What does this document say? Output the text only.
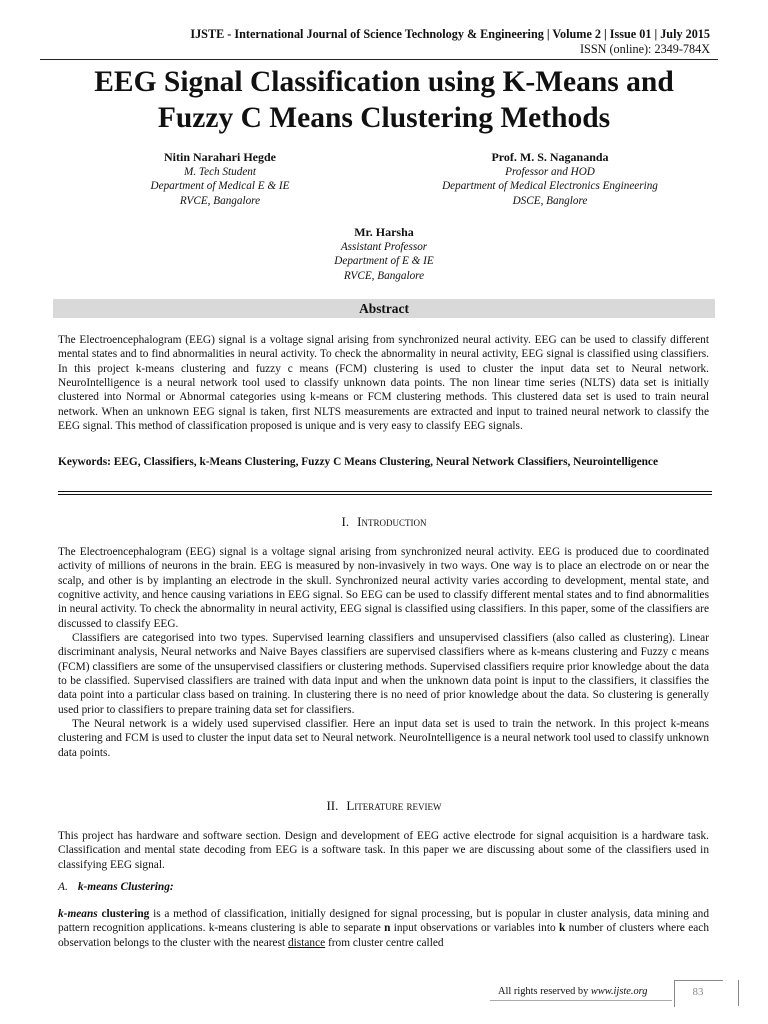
IJSTE - International Journal of Science Technology & Engineering | Volume 2 | Issue 01 | July 2015
ISSN (online): 2349-784X
EEG Signal Classification using K-Means and
Fuzzy C Means Clustering Methods
Nitin Narahari Hegde
M. Tech Student
Department of Medical E & IE
RVCE, Bangalore
Prof. M. S. Nagananda
Professor and HOD
Department of Medical Electronics Engineering
DSCE, Banglore
Mr. Harsha
Assistant Professor
Department of E & IE
RVCE, Bangalore
Abstract

The Electroencephalogram (EEG) signal is a voltage signal arising from synchronized neural activity. EEG can be used to classify different mental states and to find abnormalities in neural activity. To check the abnormality in neural activity, EEG signal is classified using classifiers. In this project k-means clustering and fuzzy c means (FCM) clustering is used to cluster the input data set to Neural network. NeuroIntelligence is a neural network tool used to classify unknown data points. The non linear time series (NLTS) data set is initially clustered into Normal or Abnormal categories using k-means or FCM clustering methods. This clustered data set is used to train neural network. When an unknown EEG signal is taken, first NLTS measurements are extracted and input to trained neural network to classify the EEG signal. This method of classification proposed is unique and is very easy to classify EEG signals.

Keywords: EEG, Classifiers, k-Means Clustering, Fuzzy C Means Clustering, Neural Network Classifiers, Neurointelligence
I. Introduction

The Electroencephalogram (EEG) signal is a voltage signal arising from synchronized neural activity. EEG is produced due to coordinated activity of millions of neurons in the brain. EEG is measured by non-invasively in two ways. One way is to place an electrode on or near the scalp, and other is by implanting an electrode in the skull. Synchronized neural activity varies according to development, mental state, and cognitive activity, and hence causing variations in EEG signal. So EEG can be used to classify different mental states and to find abnormalities in neural activity. To check the abnormality in neural activity, EEG signal is classified using classifiers. In this paper, some of the classifiers are discussed to classify EEG.

Classifiers are categorised into two types. Supervised learning classifiers and unsupervised classifiers (also called as clustering). Linear discriminant analysis, Neural networks and Naive Bayes classifiers are supervised classifiers where as k-means clustering and Fuzzy c means (FCM) classifiers are some of the unsupervised classifiers or clustering methods. Supervised classifiers require prior knowledge about the data to be classified. Supervised classifiers are trained with data input and when the unknown data point is input to the classifiers, it classifies the data point into a particular class based on training. In clustering there is no need of prior knowledge about the data. So clustering is generally used prior to classifiers to prepare training data set for classifiers.

The Neural network is a widely used supervised classifier. Here an input data set is used to train the network. In this project k-means clustering and FCM is used to cluster the input data set to Neural network. NeuroIntelligence is a neural network tool used to classify unknown data points.

II. Literature review

This project has hardware and software section. Design and development of EEG active electrode for signal acquisition is a hardware task. Classification and mental state decoding from EEG is a software task. In this paper we are discussing about some of the classifiers used in classifying EEG signal.

A. k-means Clustering:

k-means clustering is a method of classification, initially designed for signal processing, but is popular in cluster analysis, data mining and pattern recognition applications. k-means clustering is able to separate n input observations or variables into k number of clusters where each observation belongs to the cluster with the nearest distance from cluster centre called

All rights reserved by www.ijste.org	83
